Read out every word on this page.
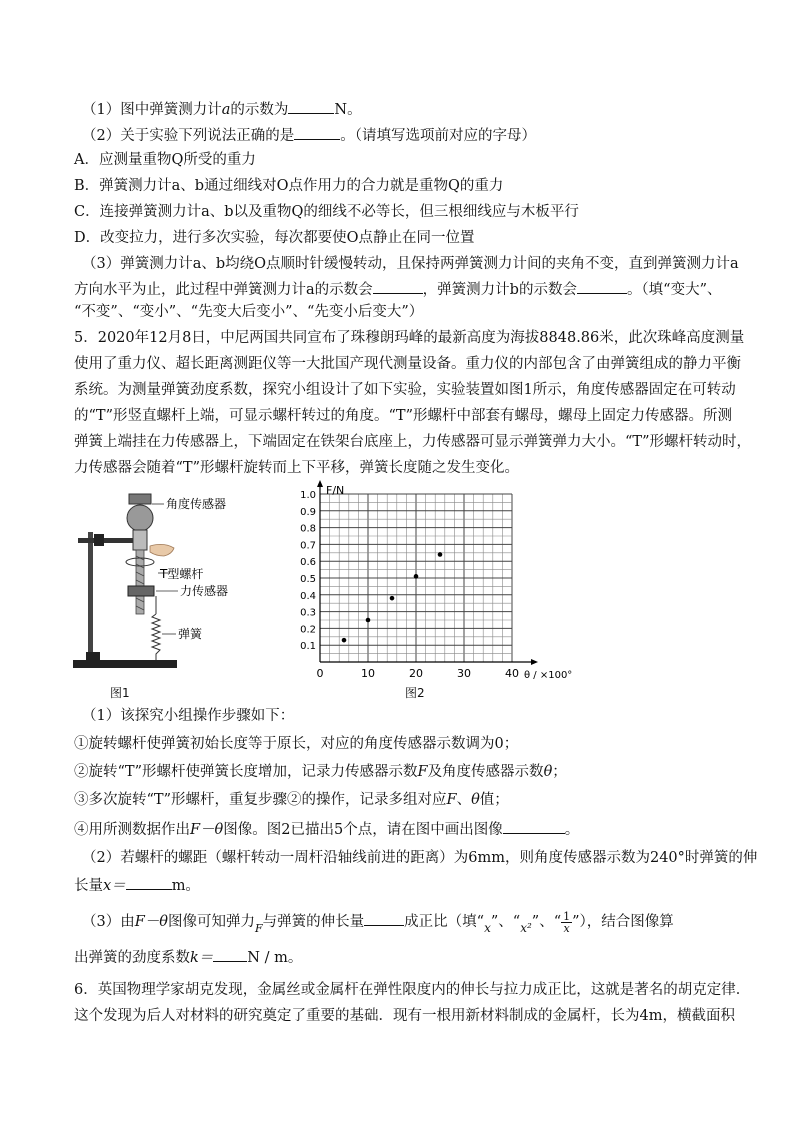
（1）图中弹簧测力计a的示数为	N。
（2）关于实验下列说法正确的是	。（请填写选项前对应的字母）
A．应测量重物Q所受的重力
B．弹簧测力计a、b通过细线对O点作用力的合力就是重物Q的重力
C．连接弹簧测力计a、b以及重物Q的细线不必等长，但三根细线应与木板平行
D．改变拉力，进行多次实验，每次都要使O点静止在同一位置
（3）弹簧测力计a、b均绕O点顺时针缓慢转动，且保持两弹簧测力计间的夹角不变，直到弹簧测力计a
方向水平为止，此过程中弹簧测力计a的示数会	，弹簧测力计b的示数会	。（填“变大”、
“不变”、“变小”、“先变大后变小”、“先变小后变大”）
5．2020年12月8日，中尼两国共同宣布了珠穆朗玛峰的最新高度为海拔8848.86米，此次珠峰高度测量
使用了重力仪、超长距离测距仪等一大批国产现代测量设备。重力仪的内部包含了由弹簧组成的静力平衡
系统。为测量弹簧劲度系数，探究小组设计了如下实验，实验装置如图1所示，角度传感器固定在可转动
的“T”形竖直螺杆上端，可显示螺杆转过的角度。“T”形螺杆中部套有螺母，螺母上固定力传感器。所测
弹簧上端挂在力传感器上，下端固定在铁架台底座上，力传感器可显示弹簧弹力大小。“T”形螺杆转动时，
力传感器会随着“T”形螺杆旋转而上下平移，弹簧长度随之发生变化。
角度传感器
T型螺杆
力传感器
弹簧
图1
0	10	20	30	40
0.1
0.2
0.3
0.4
0.5
0.6
0.7
0.8
0.9
1.0 F/N
θ / ×100°
图2
（1）该探究小组操作步骤如下：
①旋转螺杆使弹簧初始长度等于原长，对应的角度传感器示数调为0；
②旋转“T”形螺杆使弹簧长度增加，记录力传感器示数F及角度传感器示数θ；
③多次旋转“T”形螺杆，重复步骤②的操作，记录多组对应F、θ值；
④用所测数据作出F－θ图像。图2已描出5个点，请在图中画出图像	。
（2）若螺杆的螺距（螺杆转动一周杆沿轴线前进的距离）为6mm，则角度传感器示数为240°时弹簧的伸
长量x＝	m。
（3）由F－θ图像可知弹力$_F$与弹簧的伸长量	成正比（填“$_x$”、“$_{x^2}$”、“ $\frac{1}{x}$ ”），结合图像算
出弹簧的劲度系数k＝ N / m。
6．英国物理学家胡克发现，金属丝或金属杆在弹性限度内的伸长与拉力成正比，这就是著名的胡克定律．
这个发现为后人对材料的研究奠定了重要的基础．现有一根用新材料制成的金属杆，长为4m，横截面积
